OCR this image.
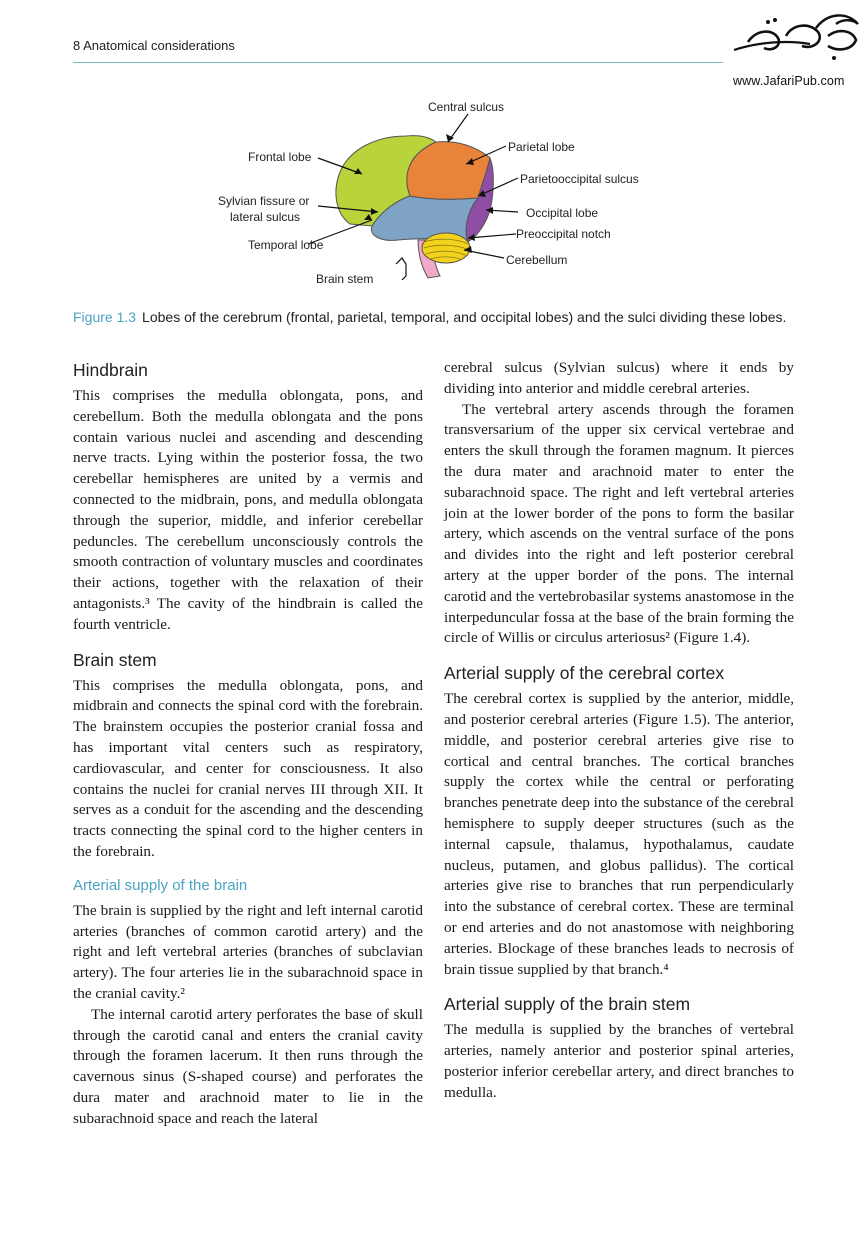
8 Anatomical considerations
www.JafariPub.com
Central sulcus
Frontal lobe
Parietal lobe
Parietooccipital sulcus
Sylvian fissure or
lateral sulcus	Occipital lobe
Preoccipital notch
Temporal lobe
Cerebellum
Brain stem
Figure 1.3 Lobes of the cerebrum (frontal, parietal, temporal, and occipital lobes) and the sulci dividing these lobes.
Hindbrain

This comprises the medulla oblongata, pons, and cerebellum. Both the medulla oblongata and the pons contain various nuclei and ascending and descending nerve tracts. Lying within the posterior fossa, the two cerebellar hemispheres are united by a vermis and connected to the midbrain, pons, and medulla oblongata through the superior, middle, and inferior cerebellar peduncles. The cerebellum unconsciously controls the smooth contraction of voluntary muscles and coordinates their actions, together with the relaxation of their antagonists.³ The cavity of the hindbrain is called the fourth ventricle.

Brain stem

This comprises the medulla oblongata, pons, and midbrain and connects the spinal cord with the forebrain. The brainstem occupies the posterior cranial fossa and has important vital centers such as respiratory, cardiovascular, and center for consciousness. It also contains the nuclei for cranial nerves III through XII. It serves as a conduit for the ascending and the descending tracts connecting the spinal cord to the higher centers in the forebrain.

Arterial supply of the brain

The brain is supplied by the right and left internal carotid arteries (branches of common carotid artery) and the right and left vertebral arteries (branches of subclavian artery). The four arteries lie in the subarachnoid space in the cranial cavity.²

The internal carotid artery perforates the base of skull through the carotid canal and enters the cranial cavity through the foramen lacerum. It then runs through the cavernous sinus (S-shaped course) and perforates the dura mater and arachnoid mater to lie in the subarachnoid space and reach the lateral

cerebral sulcus (Sylvian sulcus) where it ends by dividing into anterior and middle cerebral arteries.

The vertebral artery ascends through the foramen transversarium of the upper six cervical vertebrae and enters the skull through the foramen magnum. It pierces the dura mater and arachnoid mater to enter the subarachnoid space. The right and left vertebral arteries join at the lower border of the pons to form the basilar artery, which ascends on the ventral surface of the pons and divides into the right and left posterior cerebral artery at the upper border of the pons. The internal carotid and the vertebrobasilar systems anastomose in the interpeduncular fossa at the base of the brain forming the circle of Willis or circulus arteriosus² (Figure 1.4).

Arterial supply of the cerebral cortex

The cerebral cortex is supplied by the anterior, middle, and posterior cerebral arteries (Figure 1.5). The anterior, middle, and posterior cerebral arteries give rise to cortical and central branches. The cortical branches supply the cortex while the central or perforating branches penetrate deep into the substance of the cerebral hemisphere to supply deeper structures (such as the internal capsule, thalamus, hypothalamus, caudate nucleus, putamen, and globus pallidus). The cortical arteries give rise to branches that run perpendicularly into the substance of cerebral cortex. These are terminal or end arteries and do not anastomose with neighboring arteries. Blockage of these branches leads to necrosis of brain tissue supplied by that branch.⁴

Arterial supply of the brain stem

The medulla is supplied by the branches of vertebral arteries, namely anterior and posterior spinal arteries, posterior inferior cerebellar artery, and direct branches to medulla.
